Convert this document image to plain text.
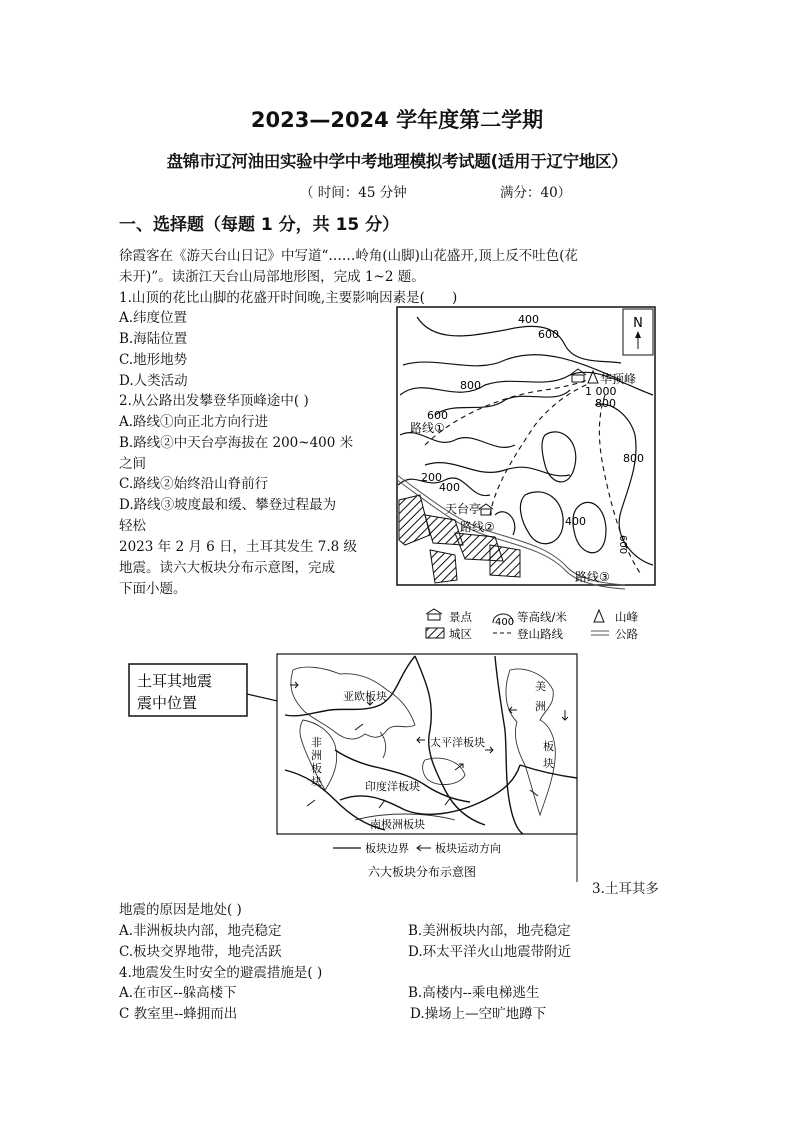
2023—2024 学年度第二学期
盘锦市辽河油田实验中学中考地理模拟考试题(适用于辽宁地区）
（ 时间：45 分钟	满分：40）
一、选择题（每题 1 分，共 15 分）
徐霞客在《游天台山日记》中写道“……岭角(山脚)山花盛开,顶上反不吐色(花
未开)”。读浙江天台山局部地形图，完成 1~2 题。
1.山顶的花比山脚的花盛开时间晚,主要影响因素是(　　)
A.纬度位置
B.海陆位置
C.地形地势
D.人类活动
2.从公路出发攀登华顶峰途中( )
A.路线①向正北方向行进
B.路线②中天台亭海拔在 200~400 米
之间
C.路线②始终沿山脊前行
D.路线③坡度最和缓、攀登过程最为
轻松
2023 年 2 月 6 日，土耳其发生 7.8 级
地震。读六大板块分布示意图，完成
下面小题。
N
400
600
800
600
200
400
800
800
400
600
华顶峰
1 000
路线①
路线②
路线③
天台亭
景点 400 等高线/米	山峰
城区	登山路线	公路
土耳其地震
震中位置	亚欧板块
非
洲
板
块
太平洋板块
印度洋板块
南极洲板块
美
洲
板
块
板块边界 板块运动方向
六大板块分布示意图
3.土耳其多
地震的原因是地处( )
A.非洲板块内部，地壳稳定	B.美洲板块内部，地壳稳定
C.板块交界地带，地壳活跃	D.环太平洋火山地震带附近
4.地震发生时安全的避震措施是( )
A.在市区--躲高楼下	B.高楼内--乘电梯逃生
C 教室里--蜂拥而出	D.操场上—空旷地蹲下
